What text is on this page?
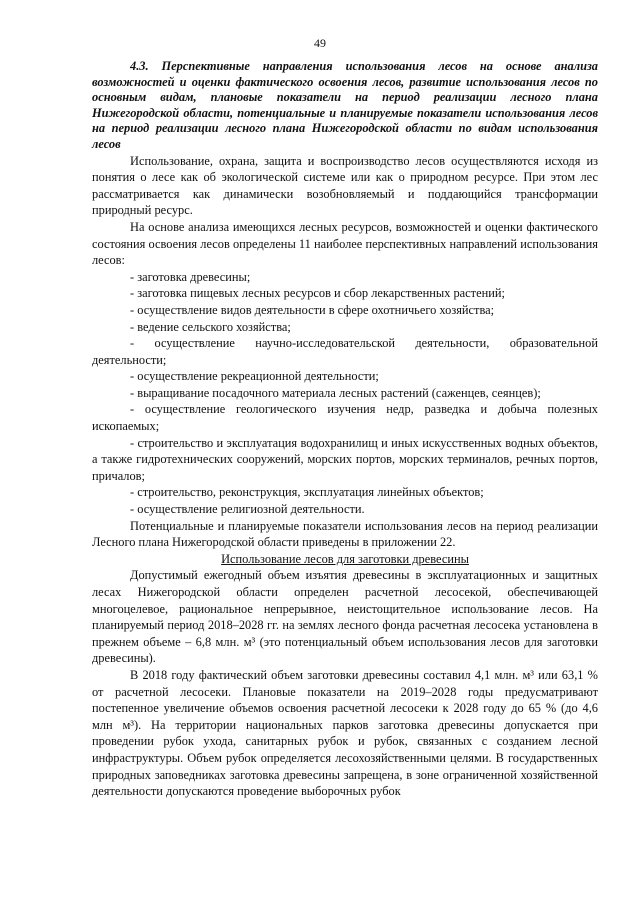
49

4.3. Перспективные направления использования лесов на основе анализа возможностей и оценки фактического освоения лесов, развитие использования лесов по основным видам, плановые показатели на период реализации лесного плана Нижегородской области, потенциальные и планируемые показатели использования лесов на период реализации лесного плана Нижегородской области по видам использования лесов

Использование, охрана, защита и воспроизводство лесов осуществляются исходя из понятия о лесе как об экологической системе или как о природном ресурсе. При этом лес рассматривается как динамически возобновляемый и поддающийся трансформации природный ресурс.

На основе анализа имеющихся лесных ресурсов, возможностей и оценки фактического состояния освоения лесов определены 11 наиболее перспективных направлений использования лесов:

- заготовка древесины;

- заготовка пищевых лесных ресурсов и сбор лекарственных растений;

- осуществление видов деятельности в сфере охотничьего хозяйства;

- ведение сельского хозяйства;

- осуществление научно-исследовательской деятельности, образовательной деятельности;

- осуществление рекреационной деятельности;

- выращивание посадочного материала лесных растений (саженцев, сеянцев);

- осуществление геологического изучения недр, разведка и добыча полезных ископаемых;

- строительство и эксплуатация водохранилищ и иных искусственных водных объектов, а также гидротехнических сооружений, морских портов, морских терминалов, речных портов, причалов;

- строительство, реконструкция, эксплуатация линейных объектов;

- осуществление религиозной деятельности.

Потенциальные и планируемые показатели использования лесов на период реализации Лесного плана Нижегородской области приведены в приложении 22.

Использование лесов для заготовки древесины

Допустимый ежегодный объем изъятия древесины в эксплуатационных и защитных лесах Нижегородской области определен расчетной лесосекой, обеспечивающей многоцелевое, рациональное непрерывное, неистощительное использование лесов. На планируемый период 2018–2028 гг. на землях лесного фонда расчетная лесосека установлена в прежнем объеме – 6,8 млн. м³ (это потенциальный объем использования лесов для заготовки древесины).

В 2018 году фактический объем заготовки древесины составил 4,1 млн. м³ или 63,1 % от расчетной лесосеки. Плановые показатели на 2019–2028 годы предусматривают постепенное увеличение объемов освоения расчетной лесосеки к 2028 году до 65 % (до 4,6 млн м³). На территории национальных парков заготовка древесины допускается при проведении рубок ухода, санитарных рубок и рубок, связанных с созданием лесной инфраструктуры. Объем рубок определяется лесохозяйственными целями. В государственных природных заповедниках заготовка древесины запрещена, в зоне ограниченной хозяйственной деятельности допускаются проведение выборочных рубок
